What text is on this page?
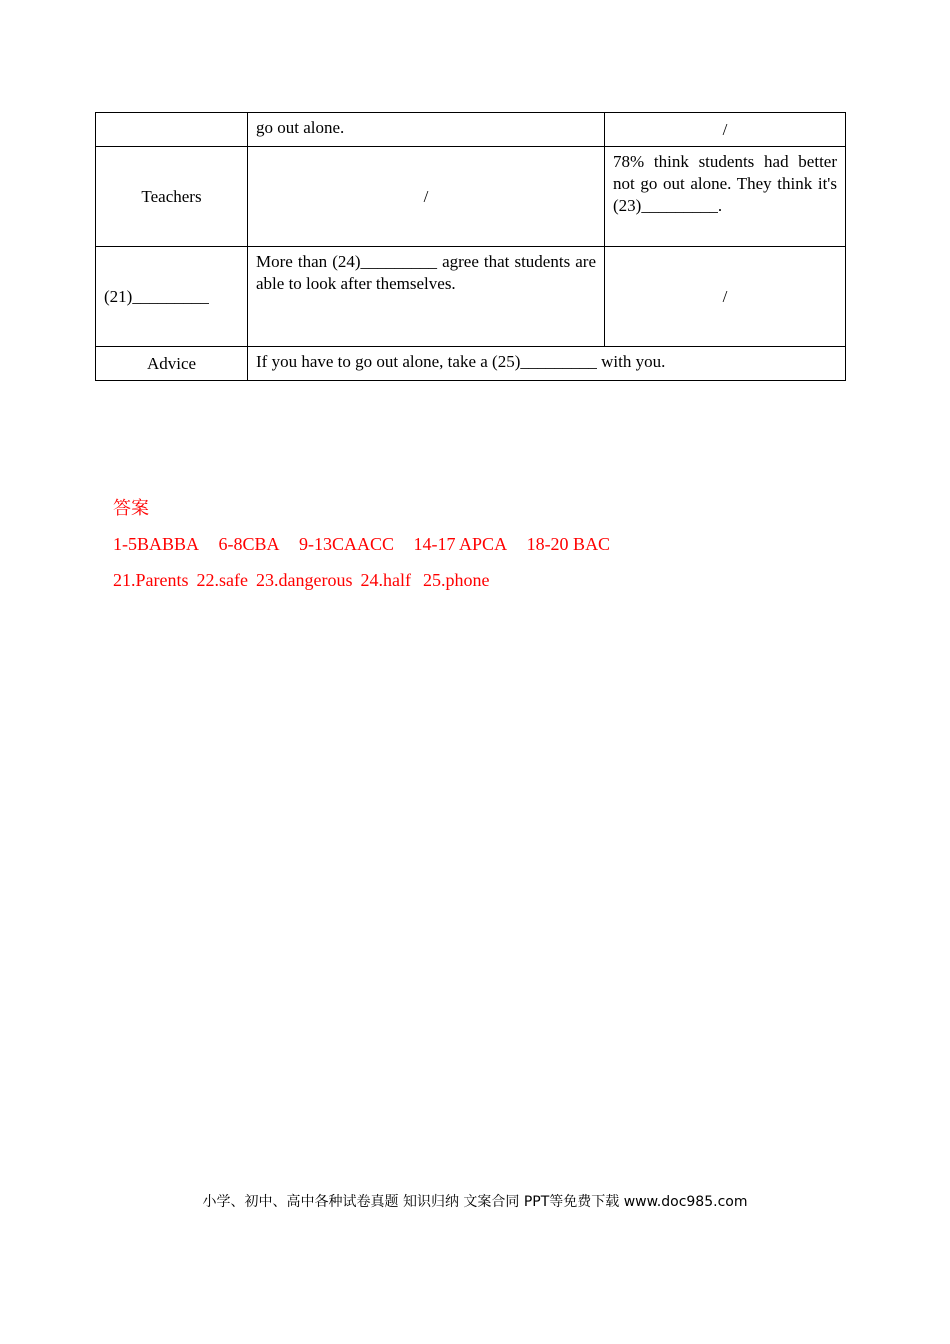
	go out alone.	/
Teachers	/	78% think students had better not go out alone. They think it's (23)_________.
(21)_________	More than (24)_________ agree that students are able to look after themselves.	/
Advice	If you have to go out alone, take a (25)_________ with you.	
答案
1-5BABBA 6-8CBA 9-13CAACC 14-17 APCA 18-20 BAC
21.Parents 22.safe 23.dangerous 24.half 25.phone
小学、初中、高中各种试卷真题 知识归纳 文案合同 PPT等免费下载 www.doc985.com
